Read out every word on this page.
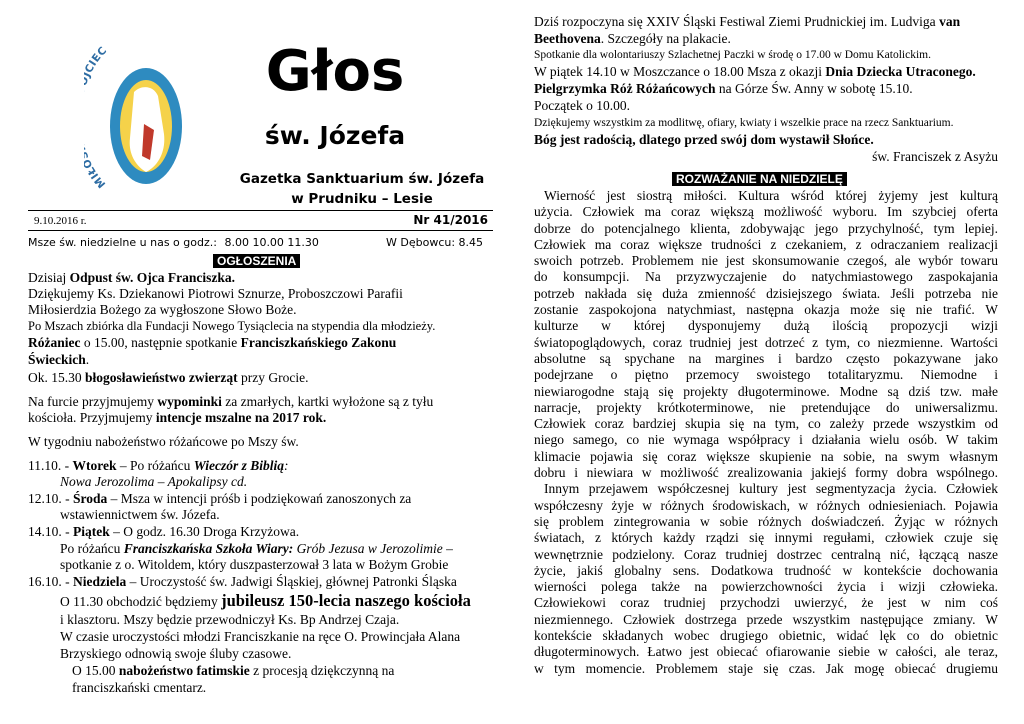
MIŁ CIEC	Głos
św. Józefa
Gazetka Sanktuarium św. Józefa
w Prudniku – Lesie
9.10.2016 r.	Nr 41/2016
Msze św. niedzielne u nas o godz.: 8.00 10.00 11.30	W Dębowcu: 8.45
OGŁOSZENIA
Dzisiaj Odpust św. Ojca Franciszka.
Dziękujemy Ks. Dziekanowi Piotrowi Sznurze, Proboszczowi Parafii
Miłosierdzia Bożego za wygłoszone Słowo Boże.
Po Mszach zbiórka dla Fundacji Nowego Tysiąclecia na stypendia dla młodzieży.
Różaniec o 15.00, następnie spotkanie Franciszkańskiego Zakonu
Świeckich.
Ok. 15.30 błogosławieństwo zwierząt przy Grocie.
Na furcie przyjmujemy wypominki za zmarłych, kartki wyłożone są z tyłu
kościoła. Przyjmujemy intencje mszalne na 2017 rok.
W tygodniu nabożeństwo różańcowe po Mszy św.
11.10. - Wtorek – Po różańcu Wieczór z Biblią:
Nowa Jerozolima – Apokalipsy cd.
12.10. - Środa – Msza w intencji próśb i podziękowań zanoszonych za
wstawiennictwem św. Józefa.
14.10. - Piątek – O godz. 16.30 Droga Krzyżowa.
Po różańcu Franciszkańska Szkoła Wiary: Grób Jezusa w Jerozolimie –
spotkanie z o. Witoldem, który duszpasterzował 3 lata w Bożym Grobie
16.10. - Niedziela – Uroczystość św. Jadwigi Śląskiej, głównej Patronki Śląska
O 11.30 obchodzić będziemy jubileusz 150-lecia naszego kościoła
i klasztoru. Mszy będzie przewodniczył Ks. Bp Andrzej Czaja.
W czasie uroczystości młodzi Franciszkanie na ręce O. Prowincjała Alana
Brzyskiego odnowią swoje śluby czasowe.
O 15.00 nabożeństwo fatimskie z procesją dziękczynną na
franciszkański cmentarz.
Dziś rozpoczyna się XXIV Śląski Festiwal Ziemi Prudnickiej im. Ludviga van
Beethovena. Szczegóły na plakacie.
Spotkanie dla wolontariuszy Szlachetnej Paczki w środę o 17.00 w Domu Katolickim.
W piątek 14.10 w Moszczance o 18.00 Msza z okazji Dnia Dziecka Utraconego.
Pielgrzymka Róż Różańcowych na Górze Św. Anny w sobotę 15.10.
Początek o 10.00.
Dziękujemy wszystkim za modlitwę, ofiary, kwiaty i wszelkie prace na rzecz Sanktuarium.
Bóg jest radością, dlatego przed swój dom wystawił Słońce.
św. Franciszek z Asyżu
ROZWAŻANIE NA NIEDZIELĘ
Wierność jest siostrą miłości. Kultura wśród której żyjemy jest kulturą
użycia. Człowiek ma coraz większą możliwość wyboru. Im szybciej oferta
dobrze do potencjalnego klienta, zdobywając jego przychylność, tym lepiej.
Człowiek ma coraz większe trudności z czekaniem, z odraczaniem realizacji
swoich potrzeb. Problemem nie jest skonsumowanie czegoś, ale wybór towaru
do konsumpcji. Na przyzwyczajenie do natychmiastowego zaspokajania
potrzeb nakłada się duża zmienność dzisiejszego świata. Jeśli potrzeba nie
zostanie zaspokojona natychmiast, następna okazja może się nie trafić. W
kulturze w której dysponujemy dużą ilością propozycji wizji
światopoglądowych, coraz trudniej jest dotrzeć z tym, co niezmienne. Wartości
absolutne są spychane na margines i bardzo często pokazywane jako
podejrzane o piętno przemocy swoistego totalitaryzmu. Niemodne i
niewiarogodne stają się projekty długoterminowe. Modne są dziś tzw. małe
narracje, projekty krótkoterminowe, nie pretendujące do uniwersalizmu.
Człowiek coraz bardziej skupia się na tym, co zależy przede wszystkim od
niego samego, co nie wymaga współpracy i działania wielu osób. W takim
klimacie pojawia się coraz większe skupienie na sobie, na swym własnym
dobru i niewiara w możliwość zrealizowania jakiejś formy dobra wspólnego.
Innym przejawem współczesnej kultury jest segmentyzacja życia. Człowiek
współczesny żyje w różnych środowiskach, w różnych odniesieniach. Pojawia
się problem zintegrowania w sobie różnych doświadczeń. Żyjąc w różnych
światach, z których każdy rządzi się innymi regułami, człowiek czuje się
wewnętrznie podzielony. Coraz trudniej dostrzec centralną nić, łączącą nasze
życie, jakiś globalny sens. Dodatkowa trudność w kontekście dochowania
wierności polega także na powierzchowności życia i wizji człowieka.
Człowiekowi coraz trudniej przychodzi uwierzyć, że jest w nim coś
niezmiennego. Człowiek dostrzega przede wszystkim następujące zmiany. W
kontekście składanych wobec drugiego obietnic, widać lęk co do obietnic
długoterminowych. Łatwo jest obiecać ofiarowanie siebie w całości, ale teraz,
w tym momencie. Problemem staje się czas. Jak mogę obiecać drugiemu
